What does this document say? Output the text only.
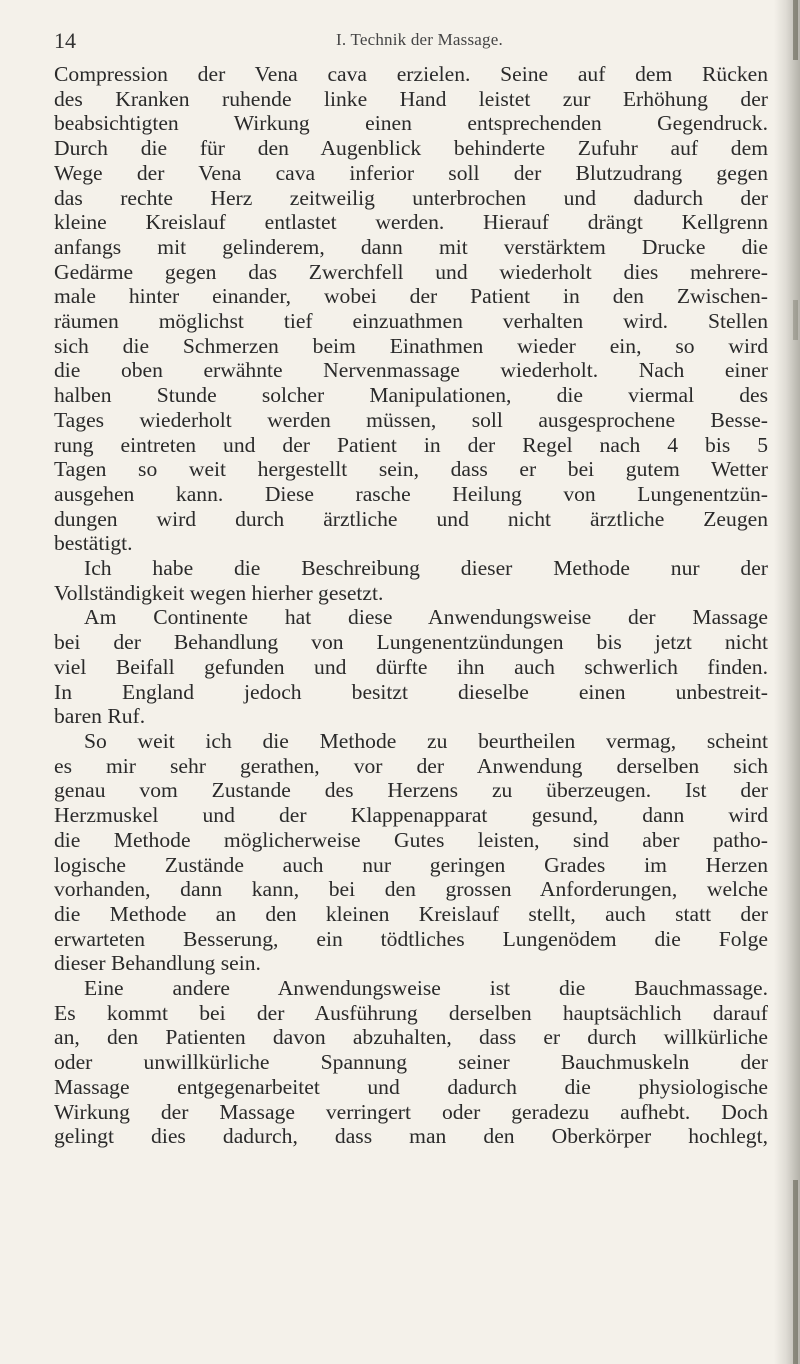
14	I. Technik der Massage.

Compression der Vena cava erzielen. Seine auf dem Rücken
des Kranken ruhende linke Hand leistet zur Erhöhung der
beabsichtigten Wirkung einen entsprechenden Gegendruck.
Durch die für den Augenblick behinderte Zufuhr auf dem
Wege der Vena cava inferior soll der Blutzudrang gegen
das rechte Herz zeitweilig unterbrochen und dadurch der
kleine Kreislauf entlastet werden. Hierauf drängt Kellgrenn
anfangs mit gelinderem, dann mit verstärktem Drucke die
Gedärme gegen das Zwerchfell und wiederholt dies mehrere-
male hinter einander, wobei der Patient in den Zwischen-
räumen möglichst tief einzuathmen verhalten wird. Stellen
sich die Schmerzen beim Einathmen wieder ein, so wird
die oben erwähnte Nervenmassage wiederholt. Nach einer
halben Stunde solcher Manipulationen, die viermal des
Tages wiederholt werden müssen, soll ausgesprochene Besse-
rung eintreten und der Patient in der Regel nach 4 bis 5
Tagen so weit hergestellt sein, dass er bei gutem Wetter
ausgehen kann. Diese rasche Heilung von Lungenentzün-
dungen wird durch ärztliche und nicht ärztliche Zeugen
bestätigt.

Ich habe die Beschreibung dieser Methode nur der
Vollständigkeit wegen hierher gesetzt.

Am Continente hat diese Anwendungsweise der Massage
bei der Behandlung von Lungenentzündungen bis jetzt nicht
viel Beifall gefunden und dürfte ihn auch schwerlich finden.
In England jedoch besitzt dieselbe einen unbestreit-
baren Ruf.

So weit ich die Methode zu beurtheilen vermag, scheint
es mir sehr gerathen, vor der Anwendung derselben sich
genau vom Zustande des Herzens zu überzeugen. Ist der
Herzmuskel und der Klappenapparat gesund, dann wird
die Methode möglicherweise Gutes leisten, sind aber patho-
logische Zustände auch nur geringen Grades im Herzen
vorhanden, dann kann, bei den grossen Anforderungen, welche
die Methode an den kleinen Kreislauf stellt, auch statt der
erwarteten Besserung, ein tödtliches Lungenödem die Folge
dieser Behandlung sein.

Eine andere Anwendungsweise ist die Bauchmassage.
Es kommt bei der Ausführung derselben hauptsächlich darauf
an, den Patienten davon abzuhalten, dass er durch willkürliche
oder unwillkürliche Spannung seiner Bauchmuskeln der
Massage entgegenarbeitet und dadurch die physiologische
Wirkung der Massage verringert oder geradezu aufhebt. Doch
gelingt dies dadurch, dass man den Oberkörper hochlegt,
